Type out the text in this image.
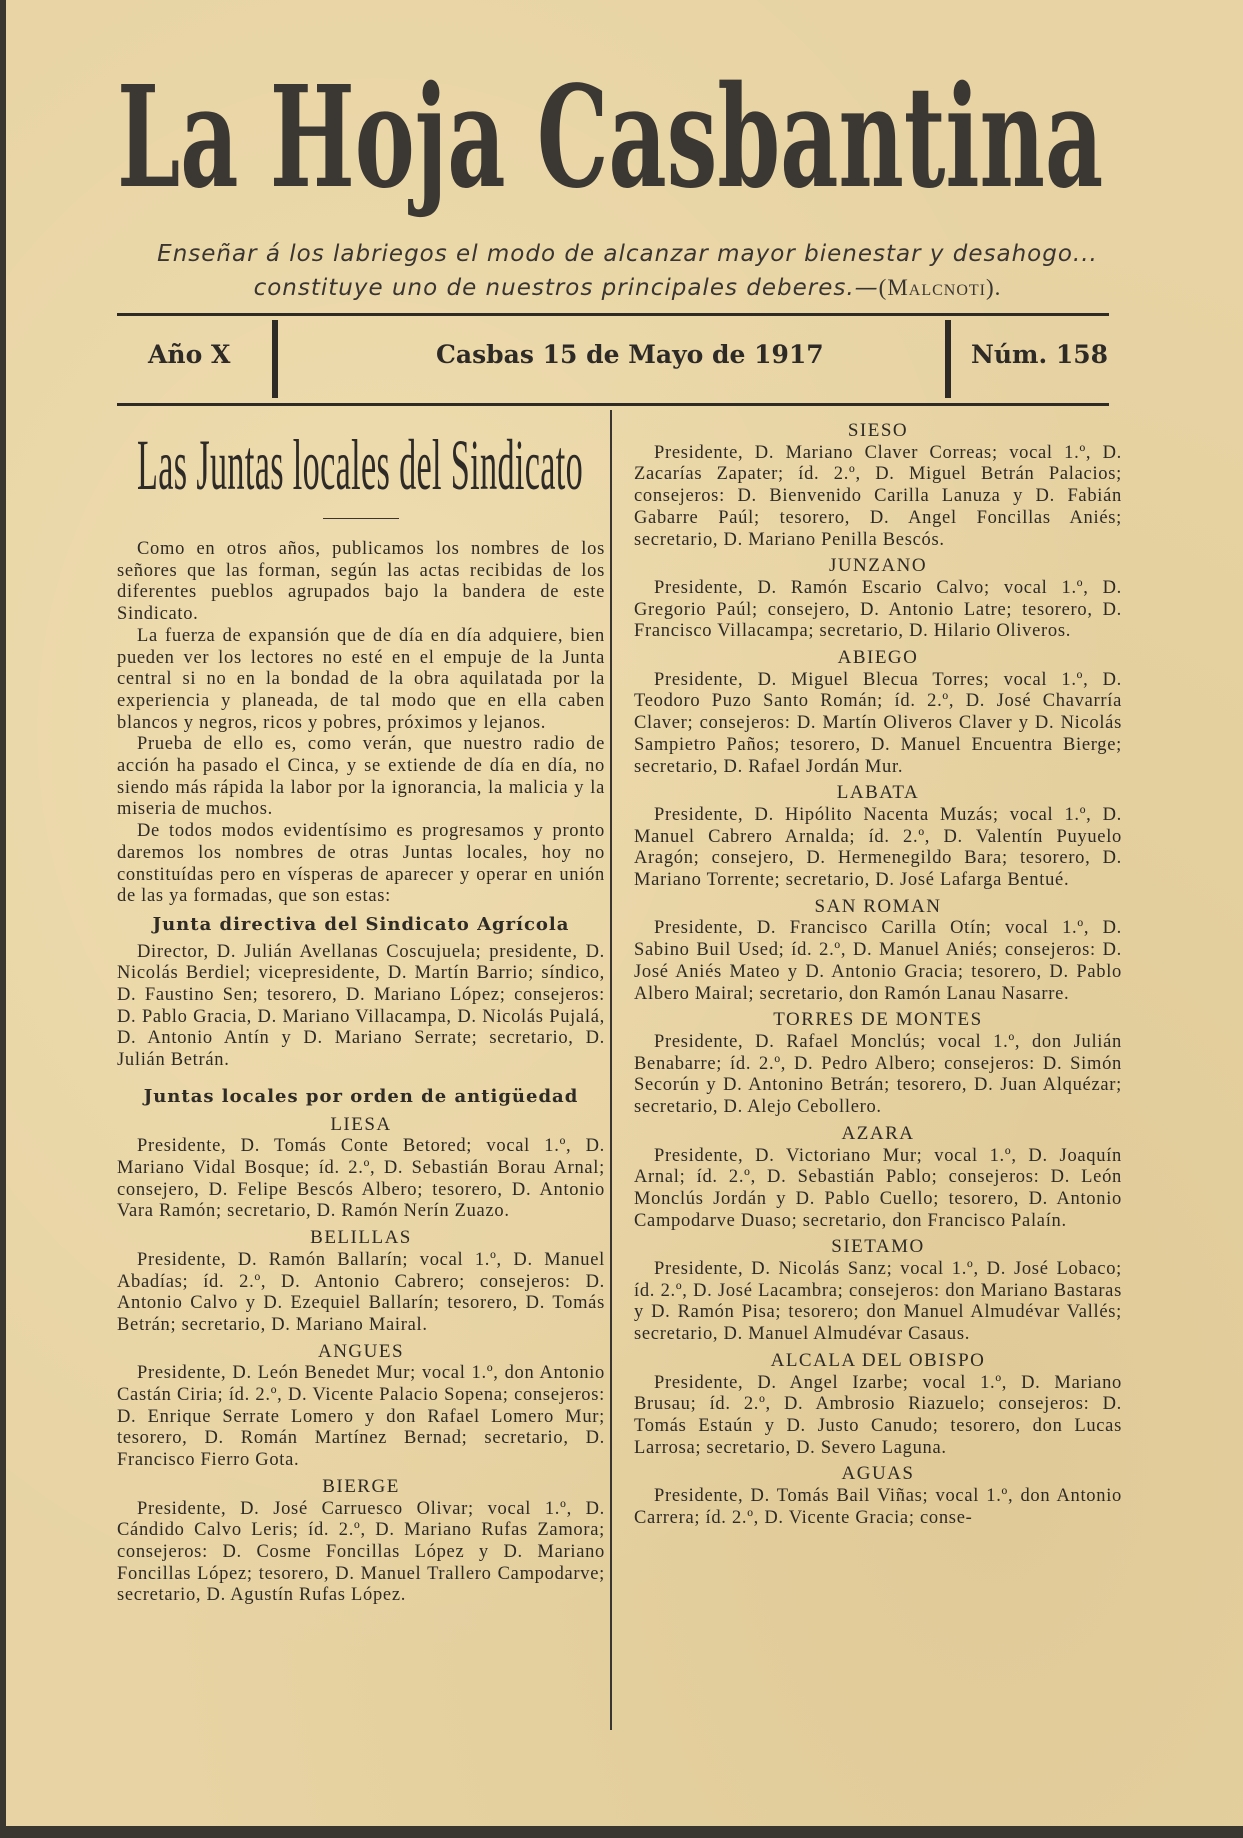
La Hoja Casbantina
Enseñar á los labriegos el modo de alcanzar mayor bienestar y desahogo...
constituye uno de nuestros principales deberes.—(Malcnoti).
Año X	Casbas 15 de Mayo de 1917	Núm. 158
Las Juntas locales del Sindicato

Como en otros años, publicamos los nombres de los señores que las forman, según las actas recibidas de los diferentes pueblos agrupados bajo la bandera de este Sindicato.

La fuerza de expansión que de día en día adquiere, bien pueden ver los lectores no esté en el empuje de la Junta central si no en la bondad de la obra aquilatada por la experiencia y planeada, de tal modo que en ella caben blancos y negros, ricos y pobres, próximos y lejanos.

Prueba de ello es, como verán, que nuestro radio de acción ha pasado el Cinca, y se extiende de día en día, no siendo más rápida la labor por la ignorancia, la malicia y la miseria de muchos.

De todos modos evidentísimo es progresamos y pronto daremos los nombres de otras Juntas locales, hoy no constituídas pero en vísperas de aparecer y operar en unión de las ya formadas, que son estas:

Junta directiva del Sindicato Agrícola

Director, D. Julián Avellanas Coscujuela; presidente, D. Nicolás Berdiel; vicepresidente, D. Martín Barrio; síndico, D. Faustino Sen; tesorero, D. Mariano López; consejeros: D. Pablo Gracia, D. Mariano Villacampa, D. Nicolás Pujalá, D. Antonio Antín y D. Mariano Serrate; secretario, D. Julián Betrán.

Juntas locales por orden de antigüedad
LIESA

Presidente, D. Tomás Conte Betored; vocal 1.º, D. Mariano Vidal Bosque; íd. 2.º, D. Sebastián Borau Arnal; consejero, D. Felipe Bescós Albero; tesorero, D. Antonio Vara Ramón; secretario, D. Ramón Nerín Zuazo.

BELILLAS

Presidente, D. Ramón Ballarín; vocal 1.º, D. Manuel Abadías; íd. 2.º, D. Antonio Cabrero; consejeros: D. Antonio Calvo y D. Ezequiel Ballarín; tesorero, D. Tomás Betrán; secretario, D. Mariano Mairal.

ANGUES

Presidente, D. León Benedet Mur; vocal 1.º, don Antonio Castán Ciria; íd. 2.º, D. Vicente Palacio Sopena; consejeros: D. Enrique Serrate Lomero y don Rafael Lomero Mur; tesorero, D. Román Martínez Bernad; secretario, D. Francisco Fierro Gota.

BIERGE

Presidente, D. José Carruesco Olivar; vocal 1.º, D. Cándido Calvo Leris; íd. 2.º, D. Mariano Rufas Zamora; consejeros: D. Cosme Foncillas López y D. Mariano Foncillas López; tesorero, D. Manuel Trallero Campodarve; secretario, D. Agustín Rufas López.

SIESO

Presidente, D. Mariano Claver Correas; vocal 1.º, D. Zacarías Zapater; íd. 2.º, D. Miguel Betrán Palacios; consejeros: D. Bienvenido Carilla Lanuza y D. Fabián Gabarre Paúl; tesorero, D. Angel Foncillas Aniés; secretario, D. Mariano Penilla Bescós.

JUNZANO

Presidente, D. Ramón Escario Calvo; vocal 1.º, D. Gregorio Paúl; consejero, D. Antonio Latre; tesorero, D. Francisco Villacampa; secretario, D. Hilario Oliveros.

ABIEGO

Presidente, D. Miguel Blecua Torres; vocal 1.º, D. Teodoro Puzo Santo Román; íd. 2.º, D. José Chavarría Claver; consejeros: D. Martín Oliveros Claver y D. Nicolás Sampietro Paños; tesorero, D. Manuel Encuentra Bierge; secretario, D. Rafael Jordán Mur.

LABATA

Presidente, D. Hipólito Nacenta Muzás; vocal 1.º, D. Manuel Cabrero Arnalda; íd. 2.º, D. Valentín Puyuelo Aragón; consejero, D. Hermenegildo Bara; tesorero, D. Mariano Torrente; secretario, D. José Lafarga Bentué.

SAN ROMAN

Presidente, D. Francisco Carilla Otín; vocal 1.º, D. Sabino Buil Used; íd. 2.º, D. Manuel Aniés; consejeros: D. José Aniés Mateo y D. Antonio Gracia; tesorero, D. Pablo Albero Mairal; secretario, don Ramón Lanau Nasarre.

TORRES DE MONTES

Presidente, D. Rafael Monclús; vocal 1.º, don Julián Benabarre; íd. 2.º, D. Pedro Albero; consejeros: D. Simón Secorún y D. Antonino Betrán; tesorero, D. Juan Alquézar; secretario, D. Alejo Cebollero.

AZARA

Presidente, D. Victoriano Mur; vocal 1.º, D. Joaquín Arnal; íd. 2.º, D. Sebastián Pablo; consejeros: D. León Monclús Jordán y D. Pablo Cuello; tesorero, D. Antonio Campodarve Duaso; secretario, don Francisco Palaín.

SIETAMO

Presidente, D. Nicolás Sanz; vocal 1.º, D. José Lobaco; íd. 2.º, D. José Lacambra; consejeros: don Mariano Bastaras y D. Ramón Pisa; tesorero; don Manuel Almudévar Vallés; secretario, D. Manuel Almudévar Casaus.

ALCALA DEL OBISPO

Presidente, D. Angel Izarbe; vocal 1.º, D. Mariano Brusau; íd. 2.º, D. Ambrosio Riazuelo; consejeros: D. Tomás Estaún y D. Justo Canudo; tesorero, don Lucas Larrosa; secretario, D. Severo Laguna.

AGUAS

Presidente, D. Tomás Bail Viñas; vocal 1.º, don Antonio Carrera; íd. 2.º, D. Vicente Gracia; conse-
